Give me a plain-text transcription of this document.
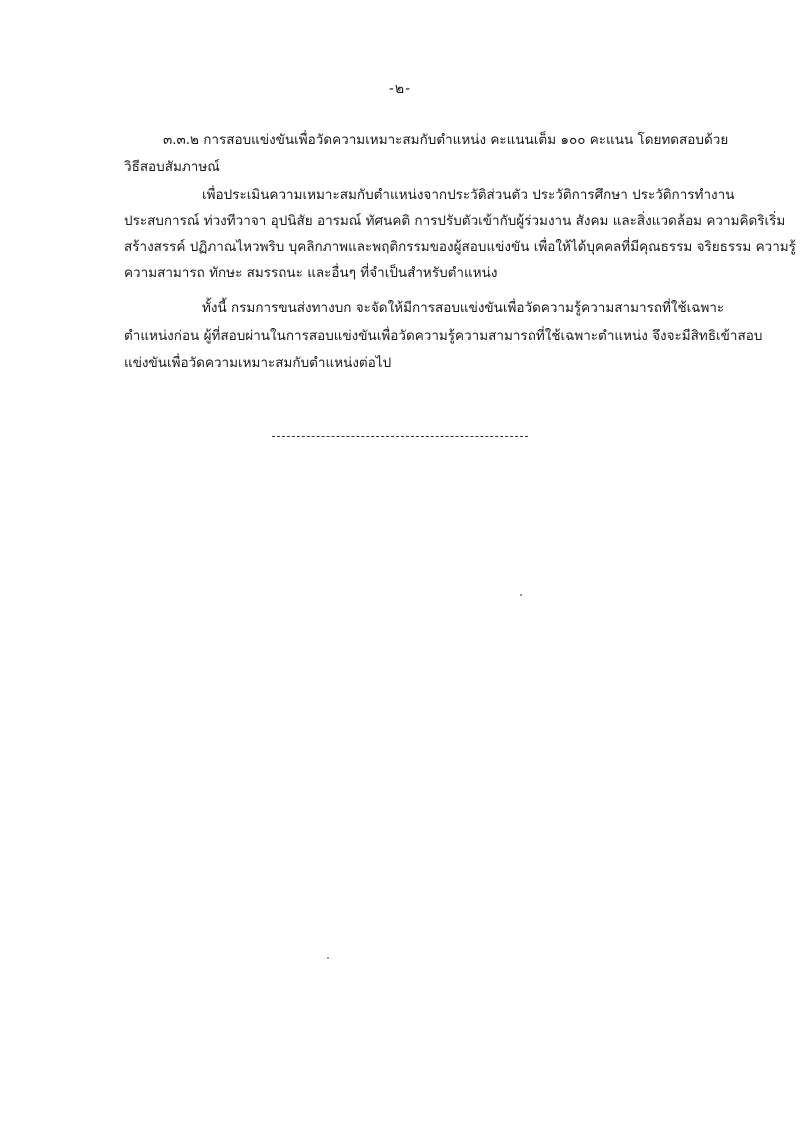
-๒-
๓.๓.๒ การสอบแข่งขันเพื่อวัดความเหมาะสมกับตำแหน่ง คะแนนเต็ม ๑๐๐ คะแนน โดยทดสอบด้วย
วิธีสอบสัมภาษณ์
เพื่อประเมินความเหมาะสมกับตำแหน่งจากประวัติส่วนตัว ประวัติการศึกษา ประวัติการทำงาน
ประสบการณ์ ท่วงทีวาจา อุปนิสัย อารมณ์ ทัศนคติ การปรับตัวเข้ากับผู้ร่วมงาน สังคม และสิ่งแวดล้อม ความคิดริเริ่ม
สร้างสรรค์ ปฏิภาณไหวพริบ บุคลิกภาพและพฤติกรรมของผู้สอบแข่งขัน เพื่อให้ได้บุคคลที่มีคุณธรรม จริยธรรม ความรู้
ความสามารถ ทักษะ สมรรถนะ และอื่นๆ ที่จำเป็นสำหรับตำแหน่ง
ทั้งนี้ กรมการขนส่งทางบก จะจัดให้มีการสอบแข่งขันเพื่อวัดความรู้ความสามารถที่ใช้เฉพาะ
ตำแหน่งก่อน ผู้ที่สอบผ่านในการสอบแข่งขันเพื่อวัดความรู้ความสามารถที่ใช้เฉพาะตำแหน่ง จึงจะมีสิทธิเข้าสอบ
แข่งขันเพื่อวัดความเหมาะสมกับตำแหน่งต่อไป
